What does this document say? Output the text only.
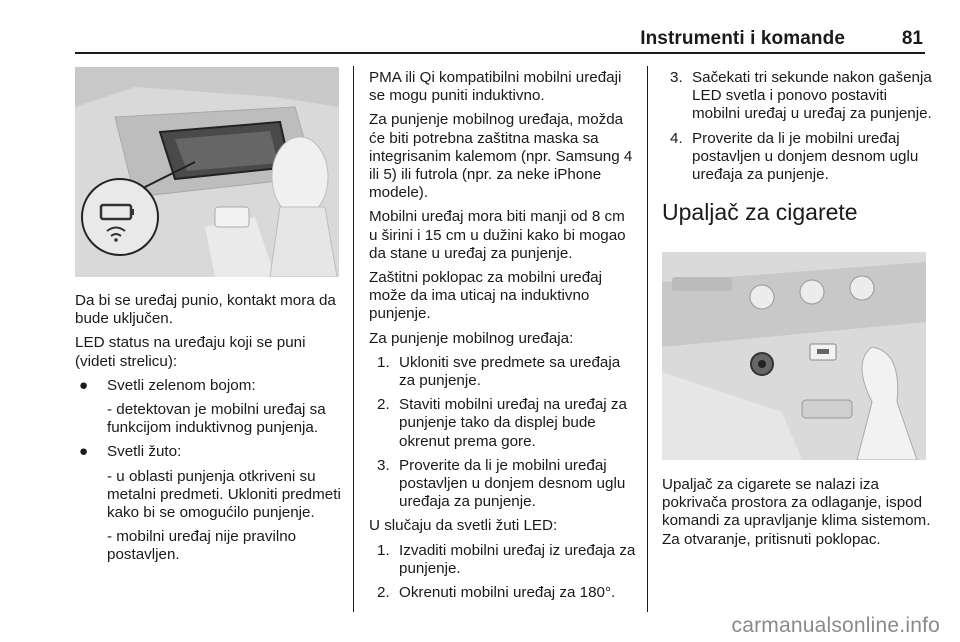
Instrumenti i komande	81

Da bi se uređaj punio, kontakt mora da bude uključen.

LED status na uređaju koji se puni (videti strelicu):

● Svetli zelenom bojom:

- detektovan je mobilni uređaj sa funkcijom induktivnog punjenja.

● Svetli žuto:

- u oblasti punjenja otkriveni su metalni predmeti. Ukloniti predmeti kako bi se omogućilo punjenje.

- mobilni uređaj nije pravilno postavljen.

PMA ili Qi kompatibilni mobilni uređaji se mogu puniti induktivno.

Za punjenje mobilnog uređaja, možda će biti potrebna zaštitna maska sa integrisanim kalemom (npr. Samsung 4 ili 5) ili futrola (npr. za neke iPhone modele).

Mobilni uređaj mora biti manji od 8 cm u širini i 15 cm u dužini kako bi mogao da stane u uređaj za punjenje.

Zaštitni poklopac za mobilni uređaj može da ima uticaj na induktivno punjenje.

Za punjenje mobilnog uređaja:

1. Ukloniti sve predmete sa uređaja za punjenje.
2. Staviti mobilni uređaj na uređaj za punjenje tako da displej bude okrenut prema gore.
3. Proverite da li je mobilni uređaj postavljen u donjem desnom uglu uređaja za punjenje.

U slučaju da svetli žuti LED:

1. Izvaditi mobilni uređaj iz uređaja za punjenje.
2. Okrenuti mobilni uređaj za 180°.
3. Sačekati tri sekunde nakon gašenja LED svetla i ponovo postaviti mobilni uređaj u uređaj za punjenje.
4. Proverite da li je mobilni uređaj postavljen u donjem desnom uglu uređaja za punjenje.
Upaljač za cigarete

Upaljač za cigarete se nalazi iza pokrivača prostora za odlaganje, ispod komandi za upravljanje klima sistemom. Za otvaranje, pritisnuti poklopac.

carmanualsonline.info
